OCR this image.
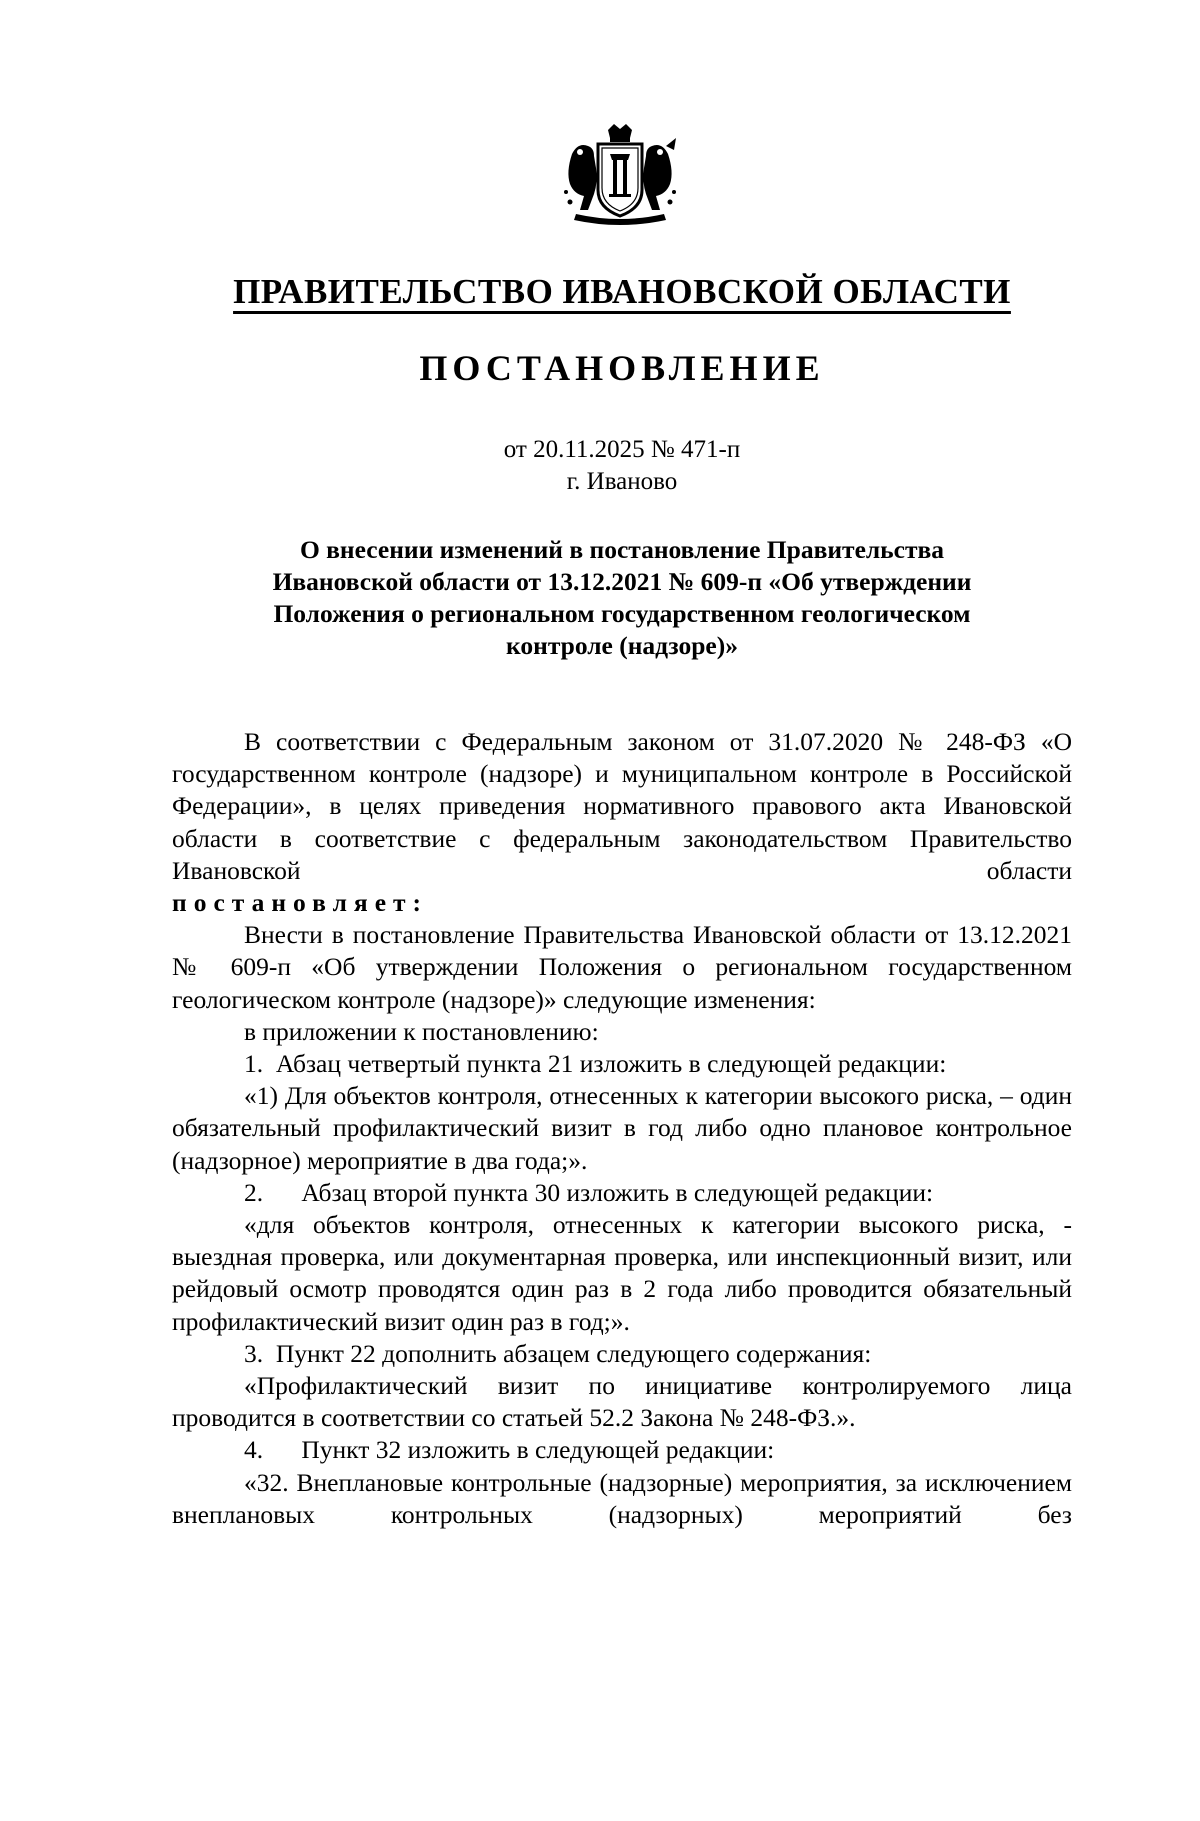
ПРАВИТЕЛЬСТВО ИВАНОВСКОЙ ОБЛАСТИ
ПОСТАНОВЛЕНИЕ
от 20.11.2025 № 471-п
г. Иваново
О внесении изменений в постановление Правительства
Ивановской области от 13.12.2021 № 609-п «Об утверждении
Положения о региональном государственном геологическом
контроле (надзоре)»

В соответствии с Федеральным законом от 31.07.2020 № 248-ФЗ «О государственном контроле (надзоре) и муниципальном контроле в Российской Федерации», в целях приведения нормативного правового акта Ивановской области в соответствие с федеральным законодательством Правительство Ивановской области

постановляет:

Внести в постановление Правительства Ивановской области от 13.12.2021 № 609-п «Об утверждении Положения о региональном государственном геологическом контроле (надзоре)» следующие изменения:

в приложении к постановлению:

1.  Абзац четвертый пункта 21 изложить в следующей редакции:

«1) Для объектов контроля, отнесенных к категории высокого риска, – один обязательный профилактический визит в год либо одно плановое контрольное (надзорное) мероприятие в два года;».

2.      Абзац второй пункта 30 изложить в следующей редакции:

«для объектов контроля, отнесенных к категории высокого риска, - выездная проверка, или документарная проверка, или инспекционный визит, или рейдовый осмотр проводятся один раз в 2 года либо проводится обязательный профилактический визит один раз в год;».

3.  Пункт 22 дополнить абзацем следующего содержания:

«Профилактический визит по инициативе контролируемого лица проводится в соответствии со статьей 52.2 Закона № 248-ФЗ.».

4.      Пункт 32 изложить в следующей редакции:

«32. Внеплановые контрольные (надзорные) мероприятия, за исключением внеплановых контрольных (надзорных) мероприятий без
